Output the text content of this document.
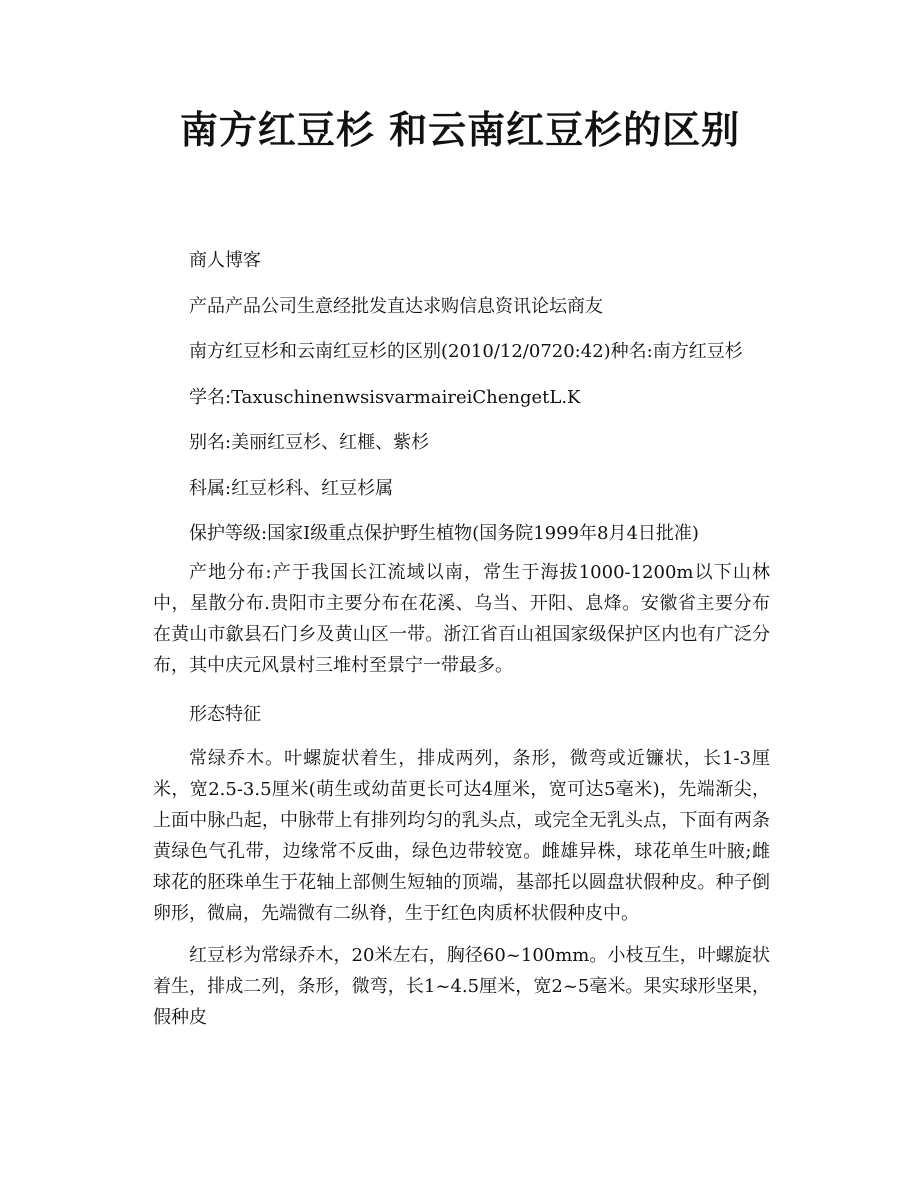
南方红豆杉 和云南红豆杉的区别

商人博客

产品产品公司生意经批发直达求购信息资讯论坛商友

南方红豆杉和云南红豆杉的区别(2010/12/0720:42)种名:南方红豆杉

学名:TaxuschinenwsisvarmaireiChengetL.K

别名:美丽红豆杉、红榧、紫杉

科属:红豆杉科、红豆杉属

保护等级:国家Ⅰ级重点保护野生植物(国务院1999年8月4日批准)

产地分布:产于我国长江流域以南，常生于海拔1000-1200m以下山林中，星散分布.贵阳市主要分布在花溪、乌当、开阳、息烽。安徽省主要分布在黄山市歙县石门乡及黄山区一带。浙江省百山祖国家级保护区内也有广泛分布，其中庆元风景村三堆村至景宁一带最多。

形态特征

常绿乔木。叶螺旋状着生，排成两列，条形，微弯或近镰状，长1-3厘米，宽2.5-3.5厘米(萌生或幼苗更长可达4厘米，宽可达5毫米)，先端渐尖，上面中脉凸起，中脉带上有排列均匀的乳头点，或完全无乳头点，下面有两条黄绿色气孔带，边缘常不反曲，绿色边带较宽。雌雄异株，球花单生叶腋;雌球花的胚珠单生于花轴上部侧生短轴的顶端，基部托以圆盘状假种皮。种子倒卵形，微扁，先端微有二纵脊，生于红色肉质杯状假种皮中。

红豆杉为常绿乔木，20米左右，胸径60~100mm。小枝互生，叶螺旋状着生，排成二列，条形，微弯，长1~4.5厘米，宽2~5毫米。果实球形坚果，假种皮
